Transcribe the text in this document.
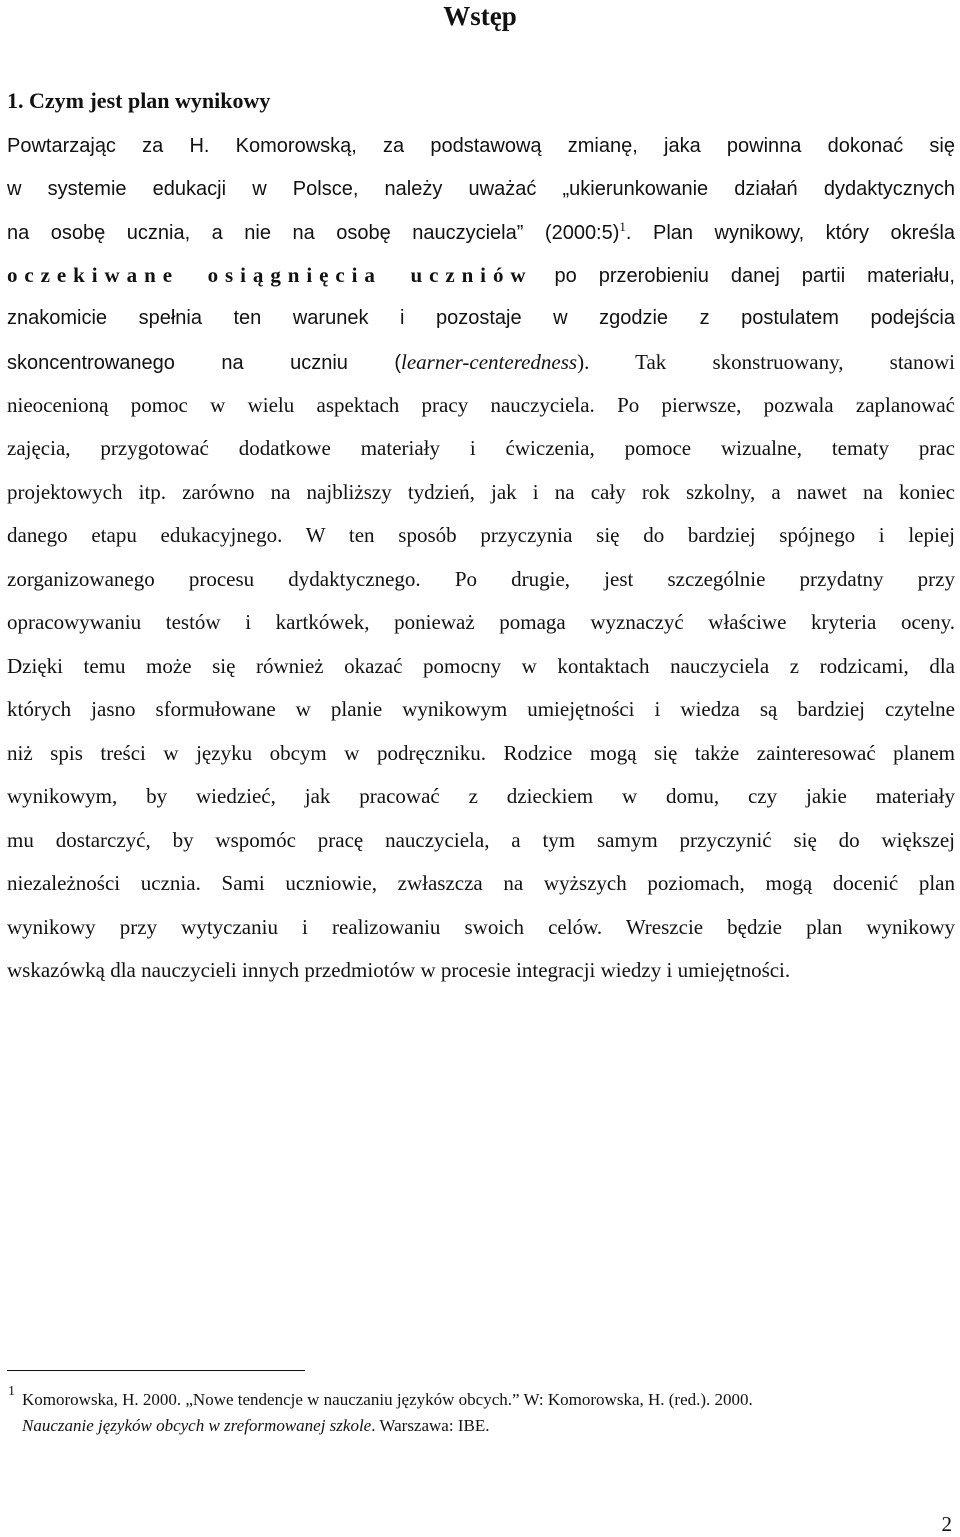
Wstęp
1. Czym jest plan wynikowy
Powtarzając za H. Komorowską, za podstawową zmianę, jaka powinna dokonać się
w systemie edukacji w Polsce, należy uważać „ukierunkowanie działań dydaktycznych
na osobę ucznia, a nie na osobę nauczyciela” (2000:5)$^1$. Plan wynikowy, który określa
oczekiwane osiągnięcia uczniów po przerobieniu danej partii materiału,
znakomicie spełnia ten warunek i pozostaje w zgodzie z postulatem podejścia
skoncentrowanego na uczniu (learner-centeredness). Tak skonstruowany, stanowi
nieocenioną pomoc w wielu aspektach pracy nauczyciela. Po pierwsze, pozwala zaplanować
zajęcia, przygotować dodatkowe materiały i ćwiczenia, pomoce wizualne, tematy prac
projektowych itp. zarówno na najbliższy tydzień, jak i na cały rok szkolny, a nawet na koniec
danego etapu edukacyjnego. W ten sposób przyczynia się do bardziej spójnego i lepiej
zorganizowanego procesu dydaktycznego. Po drugie, jest szczególnie przydatny przy
opracowywaniu testów i kartkówek, ponieważ pomaga wyznaczyć właściwe kryteria oceny.
Dzięki temu może się również okazać pomocny w kontaktach nauczyciela z rodzicami, dla
których jasno sformułowane w planie wynikowym umiejętności i wiedza są bardziej czytelne
niż spis treści w języku obcym w podręczniku. Rodzice mogą się także zainteresować planem
wynikowym, by wiedzieć, jak pracować z dzieckiem w domu, czy jakie materiały
mu dostarczyć, by wspomóc pracę nauczyciela, a tym samym przyczynić się do większej
niezależności ucznia. Sami uczniowie, zwłaszcza na wyższych poziomach, mogą docenić plan
wynikowy przy wytyczaniu i realizowaniu swoich celów. Wreszcie będzie plan wynikowy
wskazówką dla nauczycieli innych przedmiotów w procesie integracji wiedzy i umiejętności.
1 Komorowska, H. 2000. „Nowe tendencje w nauczaniu języków obcych.” W: Komorowska, H. (red.). 2000.
Nauczanie języków obcych w zreformowanej szkole. Warszawa: IBE.
2
